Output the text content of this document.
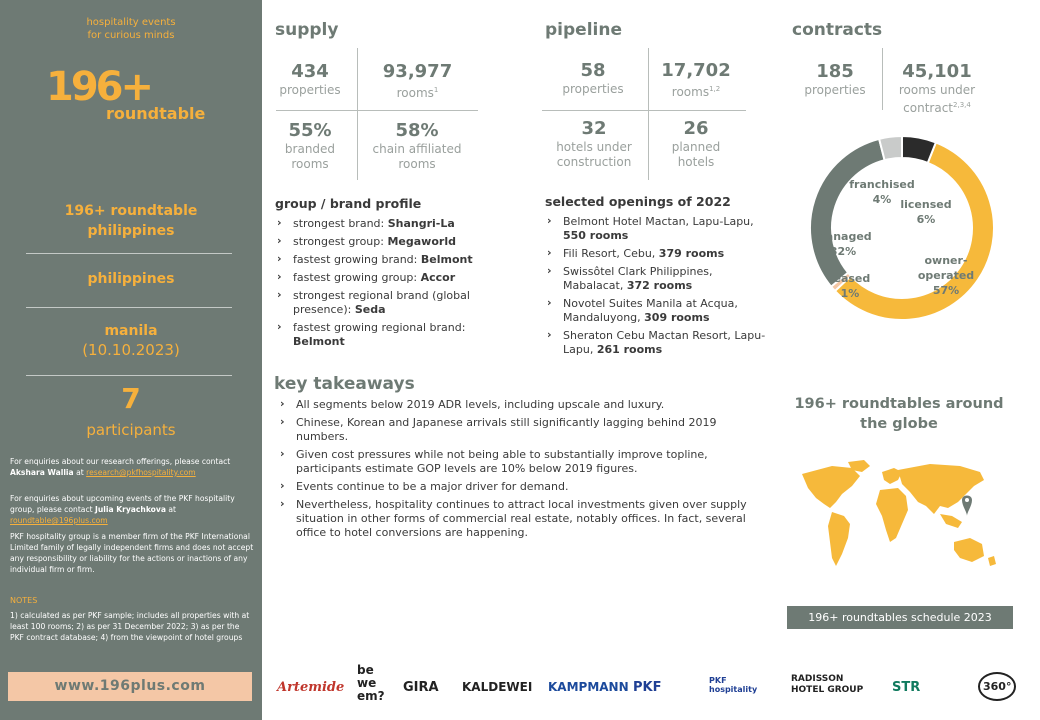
hospitality events
for curious minds
196+
roundtable
196+ roundtable
philippines
philippines
manila
(10.10.2023)
7
participants
For enquiries about our research offerings, please contact Akshara Wallia at research@pkfhospitality.com
For enquiries about upcoming events of the PKF hospitality group, please contact Julia Kryachkova at roundtable@196plus.com
PKF hospitality group is a member firm of the PKF International Limited family of legally independent firms and does not accept any responsibility or liability for the actions or inactions of any individual firm or firm.
NOTES
1) calculated as per PKF sample; includes all properties with at least 100 rooms; 2) as per 31 December 2022; 3) as per the PKF contract database; 4) from the viewpoint of hotel groups
www.196plus.com
supply
434
properties
93,977
rooms$^1$
55%
branded
rooms
58%
chain affiliated
rooms
pipeline
58
properties
17,702
rooms$^{1,2}$
32
hotels under
construction
26
planned
hotels
contracts
185
properties
45,101
rooms under
contract$^{2,3,4}$
group / brand profile
› strongest brand: Shangri-La
› strongest group: Megaworld
› fastest growing brand: Belmont
› fastest growing group: Accor
› strongest regional brand (global presence): Seda
› fastest growing regional brand: Belmont
selected openings of 2022
› Belmont Hotel Mactan, Lapu-Lapu, 550 rooms
› Fili Resort, Cebu, 379 rooms
› Swissôtel Clark Philippines, Mabalacat, 372 rooms
› Novotel Suites Manila at Acqua, Mandaluyong, 309 rooms
› Sheraton Cebu Mactan Resort, Lapu-Lapu, 261 rooms
key takeaways
› All segments below 2019 ADR levels, including upscale and luxury.
› Chinese, Korean and Japanese arrivals still significantly lagging behind 2019 numbers.
› Given cost pressures while not being able to substantially improve topline, participants estimate GOP levels are 10% below 2019 figures.
› Events continue to be a major driver for demand.
› Nevertheless, hospitality continues to attract local investments given over supply situation in other forms of commercial real estate, notably offices. In fact, several office to hotel conversions are happening.
owner-operated 57%
leased 1%
managed 32%
franchised 4% licensed 6%
196+ roundtables around
the globe
196+ roundtables schedule 2023
Artemide
be we em?
GIRA KALDEWEI KAMPMANN PKF	PKF hospitality
RADISSON HOTEL GROUP	STR	360°
